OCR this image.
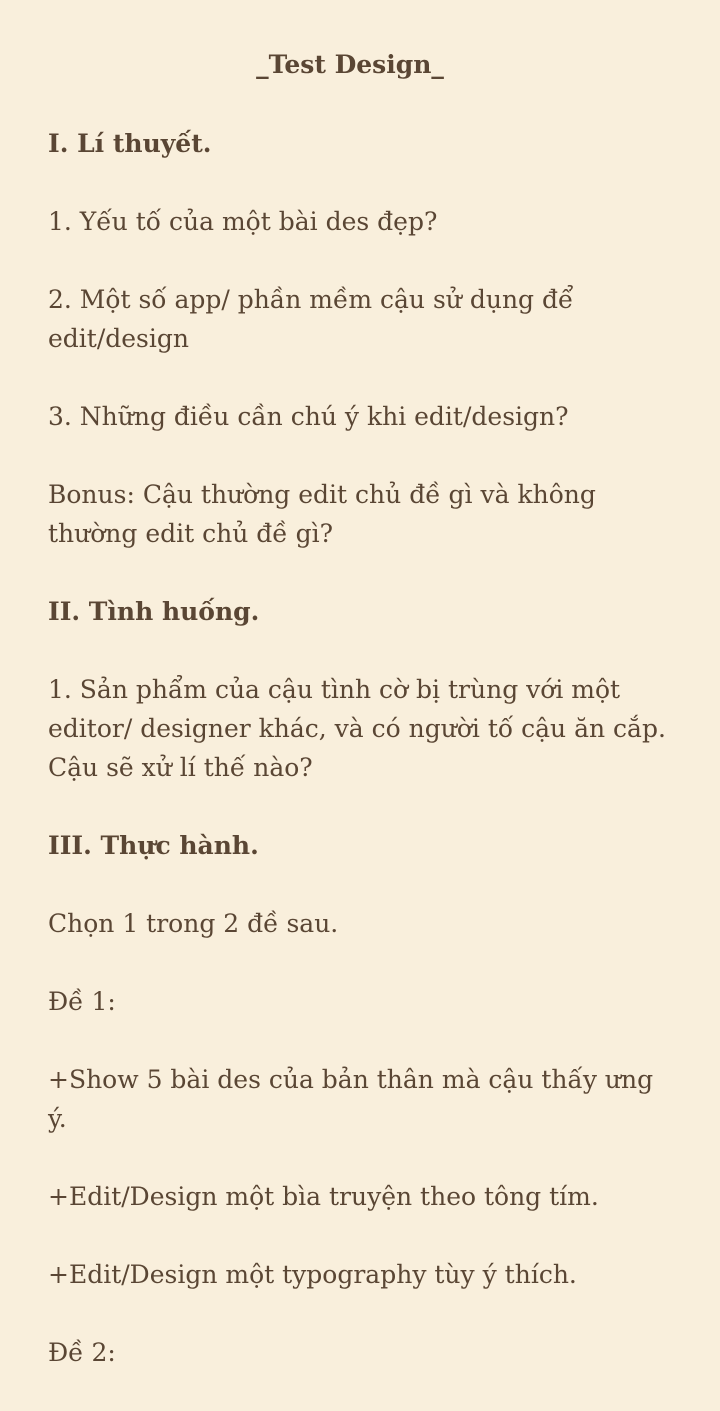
_Test Design_

I. Lí thuyết.

1. Yếu tố của một bài des đẹp?

2. Một số app/ phần mềm cậu sử dụng để edit/design

3. Những điều cần chú ý khi edit/design?

Bonus: Cậu thường edit chủ đề gì và không thường edit chủ đề gì?

II. Tình huống.

1. Sản phẩm của cậu tình cờ bị trùng với một editor/ designer khác, và có người tố cậu ăn cắp. Cậu sẽ xử lí thế nào?

III. Thực hành.

Chọn 1 trong 2 đề sau.

Đề 1:

+Show 5 bài des của bản thân mà cậu thấy ưng ý.

+Edit/Design một bìa truyện theo tông tím.

+Edit/Design một typography tùy ý thích.

Đề 2:
